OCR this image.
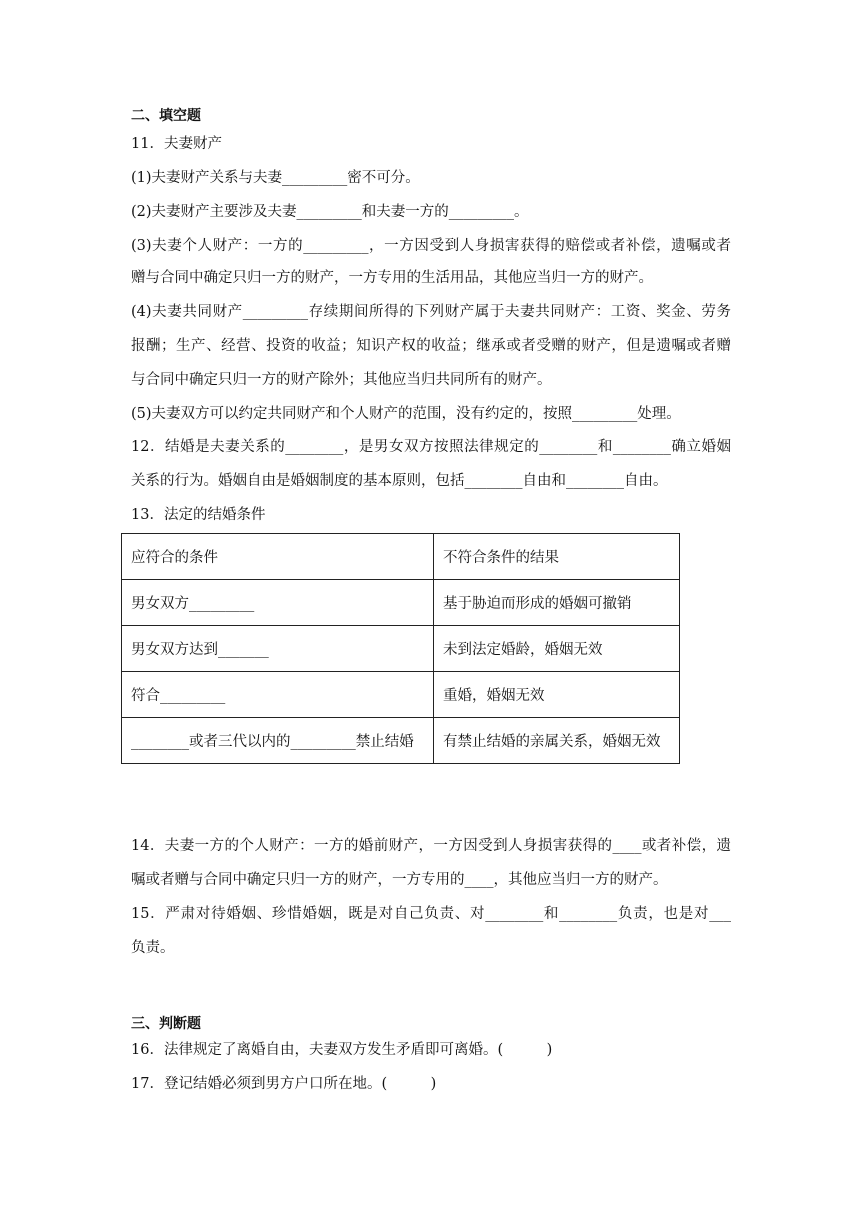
二、填空题
11．夫妻财产
(1)夫妻财产关系与夫妻_________密不可分。
(2)夫妻财产主要涉及夫妻_________和夫妻一方的_________。
(3)夫妻个人财产：一方的_________，一方因受到人身损害获得的赔偿或者补偿，遗嘱或者
赠与合同中确定只归一方的财产，一方专用的生活用品，其他应当归一方的财产。
(4)夫妻共同财产_________存续期间所得的下列财产属于夫妻共同财产：工资、奖金、劳务
报酬；生产、经营、投资的收益；知识产权的收益；继承或者受赠的财产，但是遗嘱或者赠
与合同中确定只归一方的财产除外；其他应当归共同所有的财产。
(5)夫妻双方可以约定共同财产和个人财产的范围，没有约定的，按照_________处理。
12．结婚是夫妻关系的________，是男女双方按照法律规定的________和________确立婚姻
关系的行为。婚姻自由是婚姻制度的基本原则，包括________自由和________自由。
13．法定的结婚条件
应符合的条件	不符合条件的结果
男女双方_________	基于胁迫而形成的婚姻可撤销
男女双方达到_______	未到法定婚龄，婚姻无效
符合_________	重婚，婚姻无效
________或者三代以内的_________禁止结婚	有禁止结婚的亲属关系，婚姻无效
14．夫妻一方的个人财产：一方的婚前财产，一方因受到人身损害获得的____或者补偿，遗
嘱或者赠与合同中确定只归一方的财产，一方专用的____，其他应当归一方的财产。
15．严肃对待婚姻、珍惜婚姻，既是对自己负责、对________和________负责，也是对___
负责。
三、判断题
16．法律规定了离婚自由，夫妻双方发生矛盾即可离婚。(　　　)
17．登记结婚必须到男方户口所在地。(　　　)
